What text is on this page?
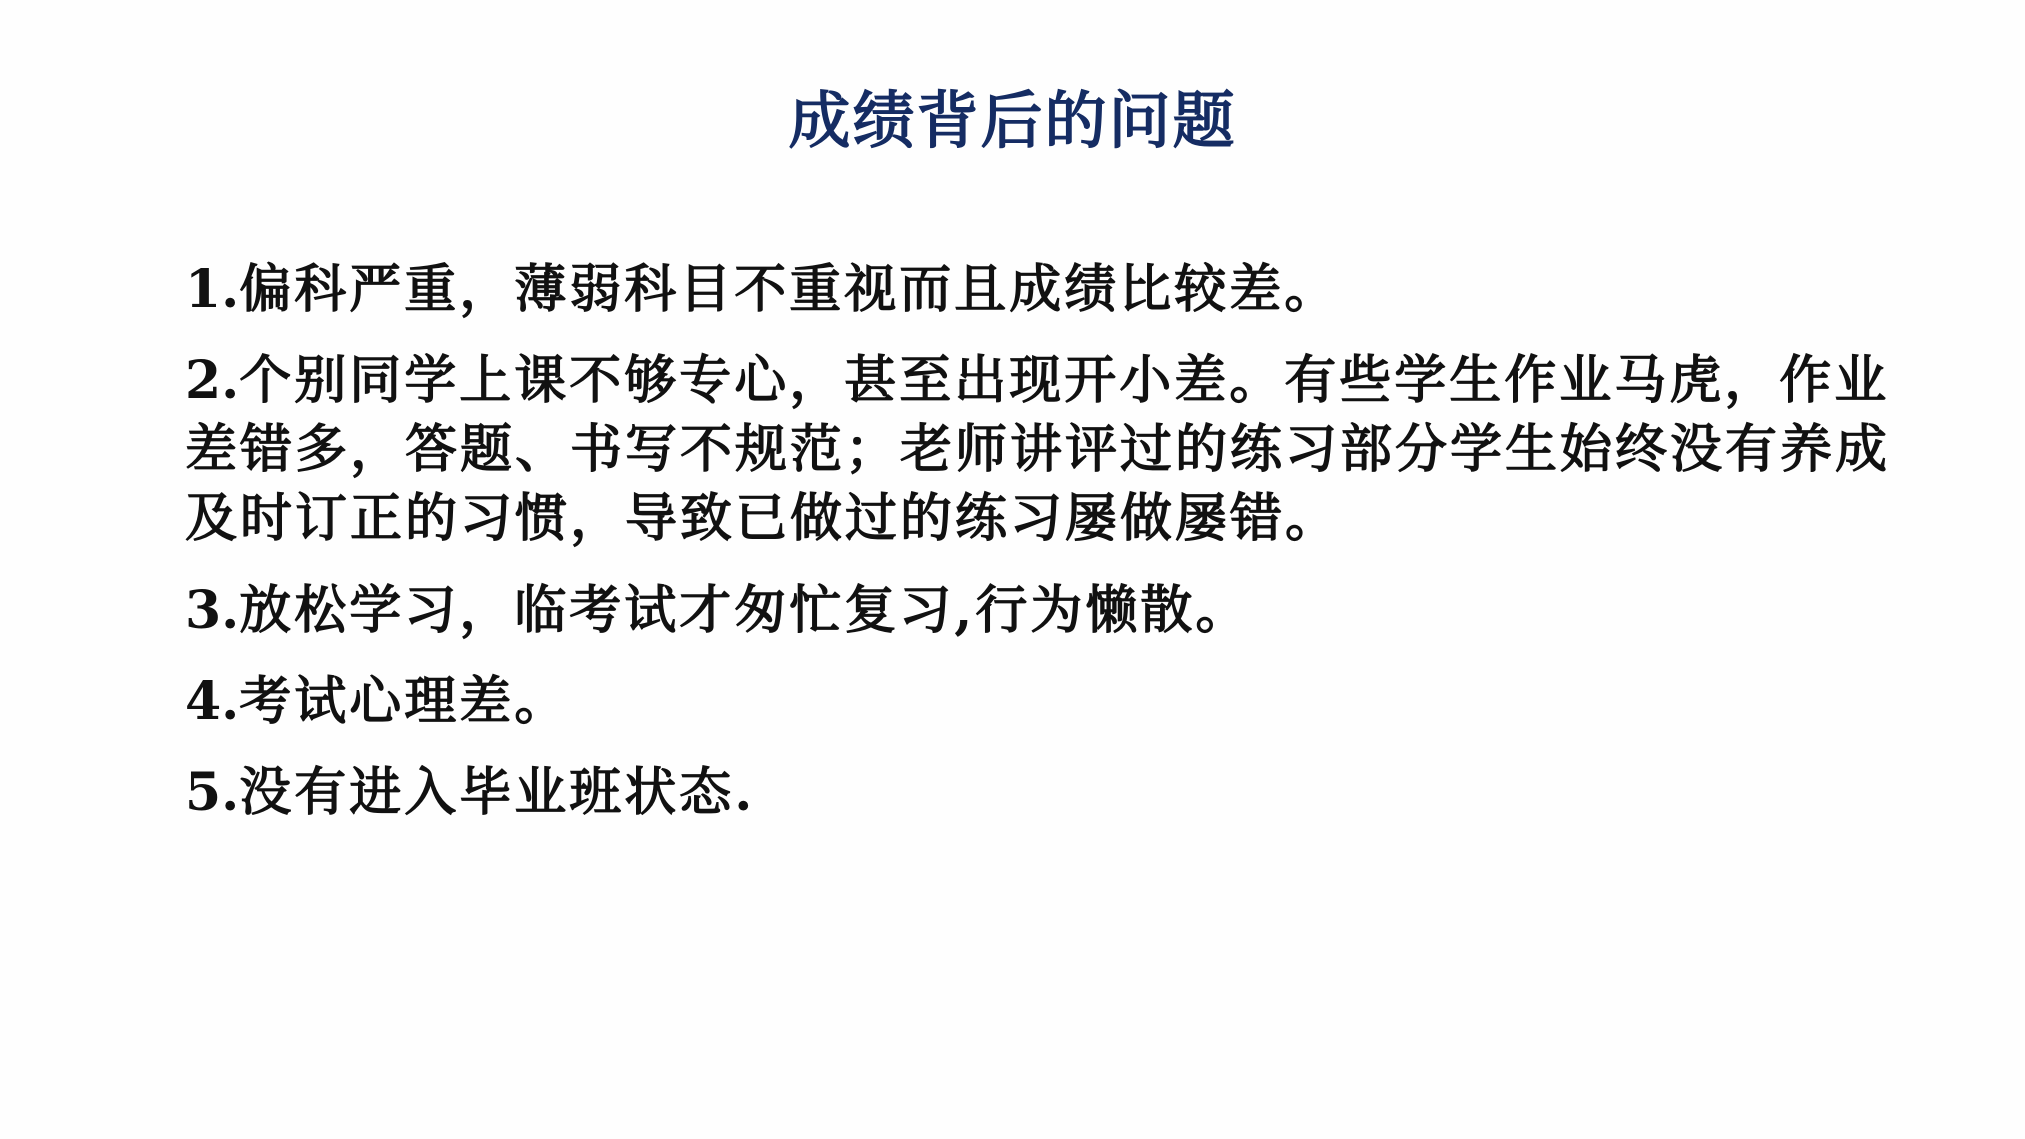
成绩背后的问题

1.偏科严重，薄弱科目不重视而且成绩比较差。

2.个别同学上课不够专心，甚至出现开小差。有些学生作业马虎，作业差错多，答题、书写不规范；老师讲评过的练习部分学生始终没有养成及时订正的习惯，导致已做过的练习屡做屡错。

3.放松学习，临考试才匆忙复习,行为懒散。

4.考试心理差。

5.没有进入毕业班状态.
